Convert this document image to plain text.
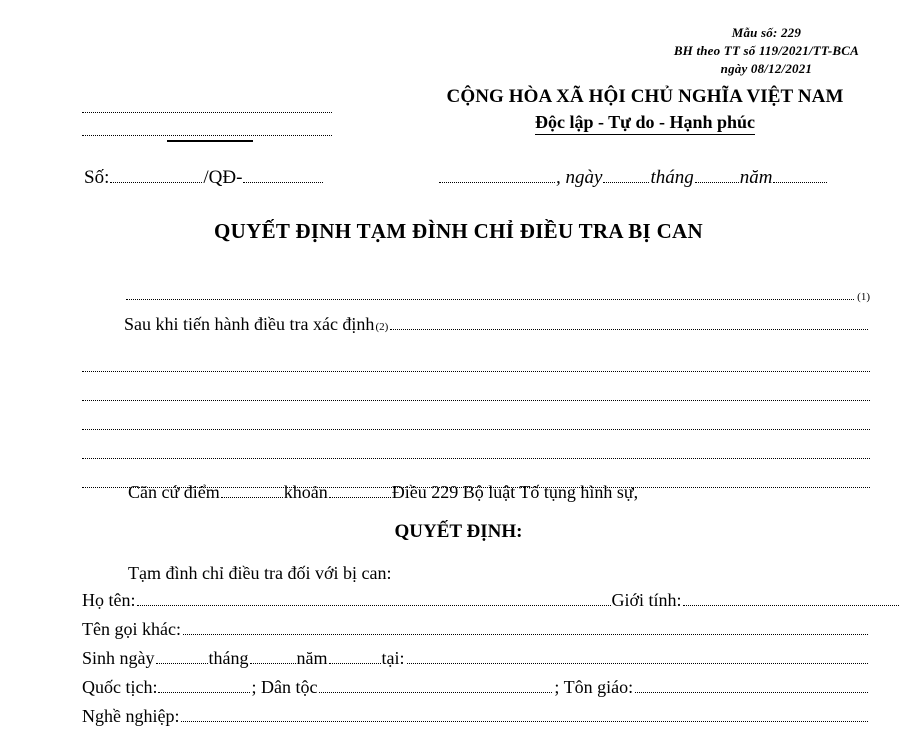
Mẫu số: 229
BH theo TT số 119/2021/TT-BCA
ngày 08/12/2021
CỘNG HÒA XÃ HỘI CHỦ NGHĨA VIỆT NAM
Độc lập - Tự do - Hạnh phúc
Số:	/QĐ-	, ngày	tháng năm
QUYẾT ĐỊNH TẠM ĐÌNH CHỈ ĐIỀU TRA BỊ CAN
(1)
Sau khi tiến hành điều tra xác định (2)
Căn cứ điểm	khoản	Điều 229 Bộ luật Tố tụng hình sự,
QUYẾT ĐỊNH:
Tạm đình chỉ điều tra đối với bị can:
Họ tên:	Giới tính:
Tên gọi khác:
Sinh ngày	tháng	năm	tại:
Quốc tịch:	; Dân tộc	; Tôn giáo:
Nghề nghiệp:
